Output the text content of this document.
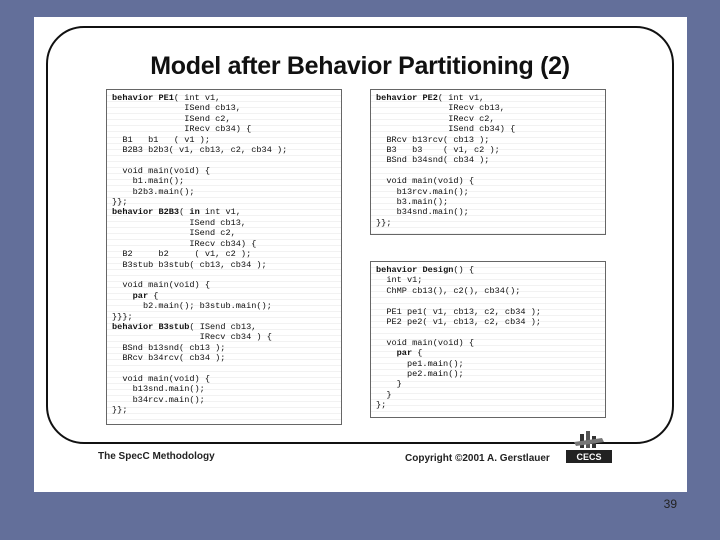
Model after Behavior Partitioning (2)
behavior PE1( int v1,
ISend cb13,
ISend c2,
IRecv cb34) {
B1   b1   ( v1 );
B2B3 b2b3( v1, cb13, c2, cb34 );

void main(void) {
b1.main();
b2b3.main();
}};
behavior B2B3( in int v1,
ISend cb13,
ISend c2,
IRecv cb34) {
B2     b2     ( v1, c2 );
B3stub b3stub( cb13, cb34 );

void main(void) {
par {
b2.main(); b3stub.main();
}}};
behavior B3stub( ISend cb13,
IRecv cb34 ) {
BSnd b13snd( cb13 );
BRcv b34rcv( cb34 );

void main(void) {
b13snd.main();
b34rcv.main();
}};
behavior PE2( int v1,
IRecv cb13,
IRecv c2,
ISend cb34) {
BRcv b13rcv( cb13 );
B3   b3    ( v1, c2 );
BSnd b34snd( cb34 );

void main(void) {
b13rcv.main();
b3.main();
b34snd.main();
}};
behavior Design() {
int v1;
ChMP cb13(), c2(), cb34();

PE1 pe1( v1, cb13, c2, cb34 );
PE2 pe2( v1, cb13, c2, cb34 );

void main(void) {
par {
pe1.main();
pe2.main();
}
}
};
The SpecC Methodology	Copyright ©2001 A. Gerstlauer	CECS
39
